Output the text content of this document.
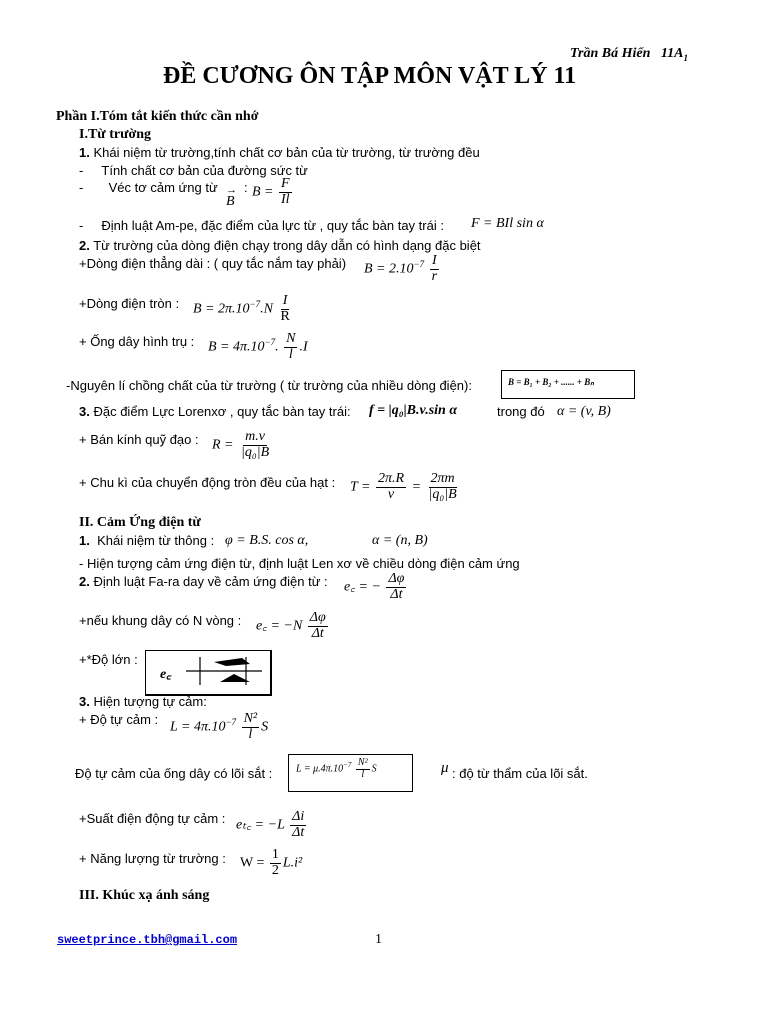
Trần Bá Hiển $11A_1$
ĐỀ CƯƠNG ÔN TẬP MÔN VẬT LÝ 11
Phần I.Tóm tắt kiến thức cần nhớ
I.Từ trường
1. Khái niệm từ trường,tính chất cơ bản của từ trường, từ trường đều
-     Tính chất cơ bản của đường sức từ
-       Véc tơ cảm ứng từ →
B
: $B = \frac{F}{Il}$
-     Định luật Am-pe, đặc điểm của lực từ , quy tắc bàn tay trái : F = BIl sin α
2. Từ trường của dòng điện chạy trong dây dẫn có hình dạng đặc biệt
+Dòng điện thẳng dài : ( quy tắc nắm tay phải) $B = 2.10^{-7} \frac{I}{r}$
+Dòng điện tròn : $B = 2\pi.10^{-7}.N \frac{I}{R}$
+ Ống dây hình trụ : $B = 4\pi.10^{-7}$. $\frac{N}{l} .I$
-Nguyên lí chồng chất của từ trường ( từ trường của nhiều dòng điện):	B = B₁ + B₂ + ...... + Bₙ
3. Đặc điểm Lực Lorenxơ , quy tắc bàn tay trái: f = |q₀|B.v.sin α	trong đó α = (v, B)
+ Bán kính quỹ đạo : $R = \frac{m.v}{\text{|q₀|B}}$
+ Chu kì của chuyển động tròn đều của hạt : $T = \frac{2\pi.R}{v} = \frac{2\pi m}{\text{|q₀|B}}$
II. Cảm Ứng điện từ
1. Khái niệm từ thông : φ = B.S. cos α,	α = (n, B)
- Hiện tượng cảm ứng điện từ, định luật Len xơ về chiều dòng điện cảm ứng
2. Định luật Fa-ra day về cảm ứng điện từ : e꜀ = − $\frac{\Delta\varphi}{\Delta t}$
+nếu khung dây có N vòng : e꜀ = $-N \frac{\Delta\varphi}{\Delta t}$
+*Độ lớn :
e꜀
3. Hiện tượng tự cảm:
+ Độ tự cảm : $L = 4\pi.10^{-7} \frac{\text{N²}}{l}$ S
Độ tự cảm của ống dây có lõi sắt : $L = \mu.4\pi.10^{-7} \frac{\text{N²}}{l}$ S	μ : độ từ thẩm của lõi sắt.
+Suất điện động tự cảm : eₜ꜀ = $-L \frac{\Delta i}{\Delta t}$
+ Năng lượng từ trường : $W = \frac{1}{2} L.i^2$
III. Khúc xạ ánh sáng
sweetprince.tbh@gmail.com	1
